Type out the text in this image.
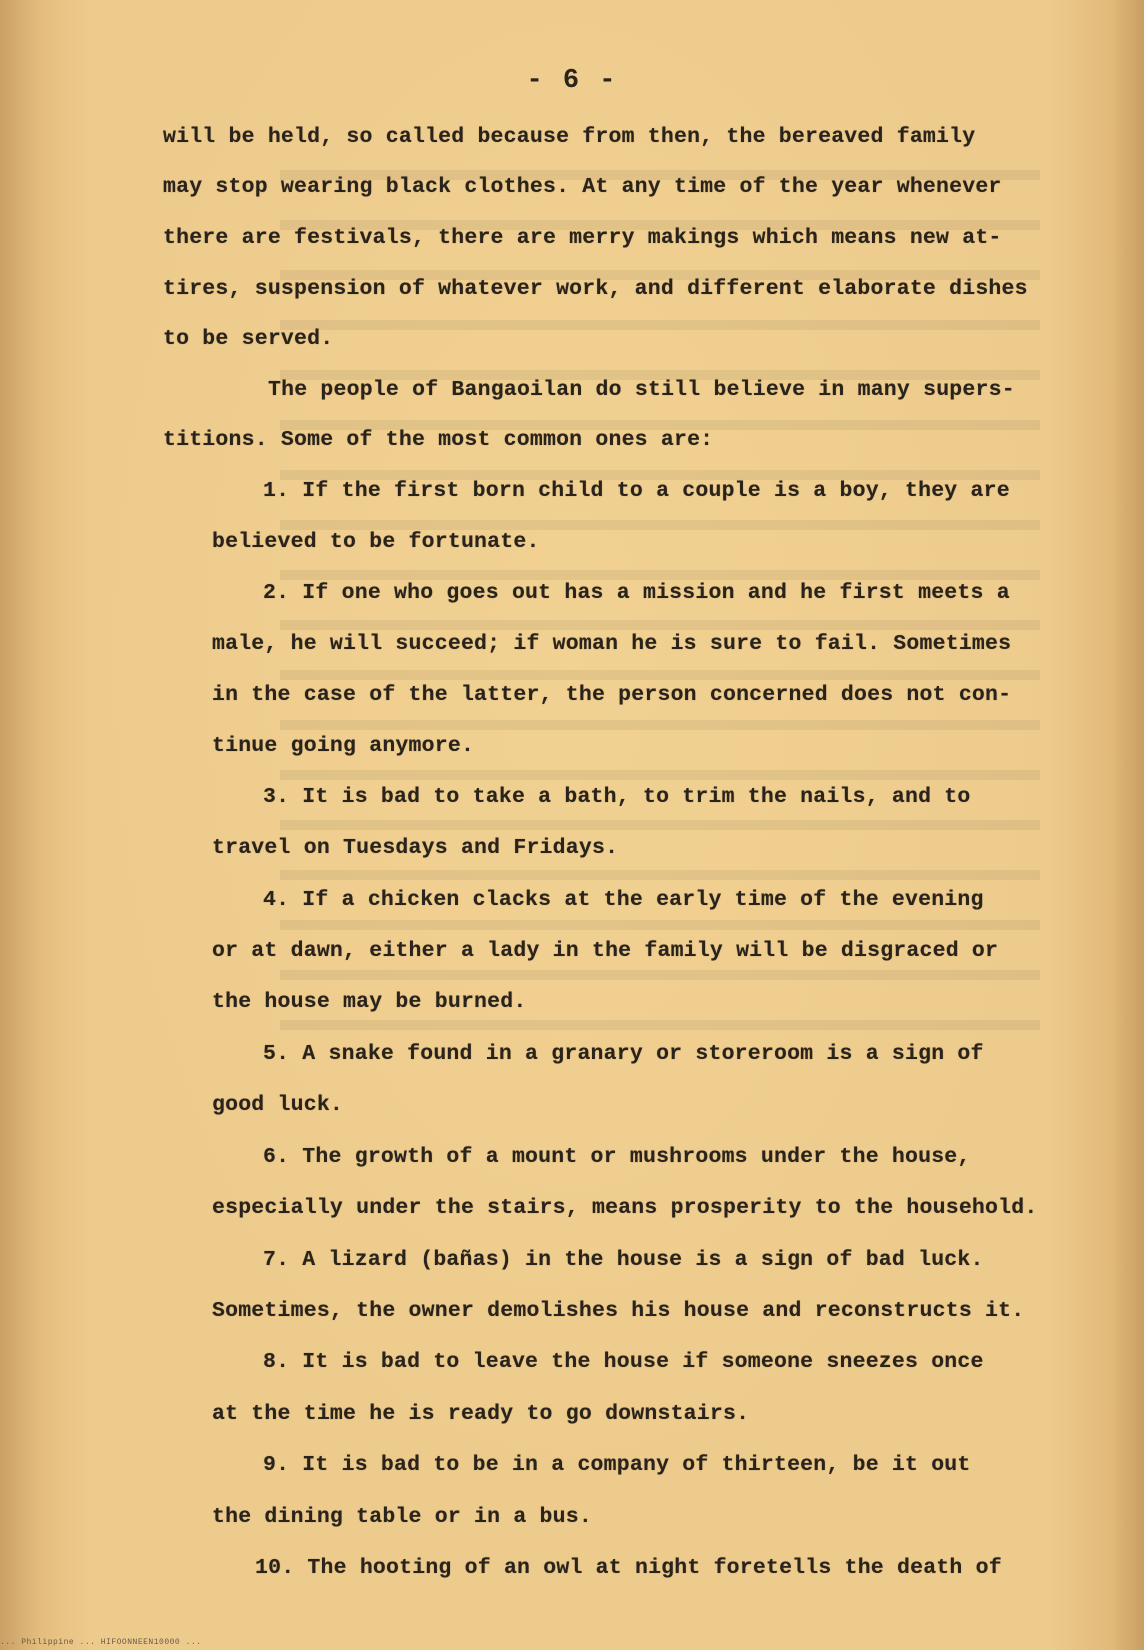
- 6 -
will be held, so called because from then, the bereaved family
may stop wearing black clothes. At any time of the year whenever
there are festivals, there are merry makings which means new at-
tires, suspension of whatever work, and different elaborate dishes
to be served.
The people of Bangaoilan do still believe in many supers-
titions. Some of the most common ones are:
1. If the first born child to a couple is a boy, they are
believed to be fortunate.
2. If one who goes out has a mission and he first meets a
male, he will succeed; if woman he is sure to fail. Sometimes
in the case of the latter, the person concerned does not con-
tinue going anymore.
3. It is bad to take a bath, to trim the nails, and to
travel on Tuesdays and Fridays.
4. If a chicken clacks at the early time of the evening
or at dawn, either a lady in the family will be disgraced or
the house may be burned.
5. A snake found in a granary or storeroom is a sign of
good luck.
6. The growth of a mount or mushrooms under the house,
especially under the stairs, means prosperity to the household.
7. A lizard (bañas) in the house is a sign of bad luck.
Sometimes, the owner demolishes his house and reconstructs it.
8. It is bad to leave the house if someone sneezes once
at the time he is ready to go downstairs.
9. It is bad to be in a company of thirteen, be it out
the dining table or in a bus.
10. The hooting of an owl at night foretells the death of
... Philippine ... HIFOONNEEN10000 ...
